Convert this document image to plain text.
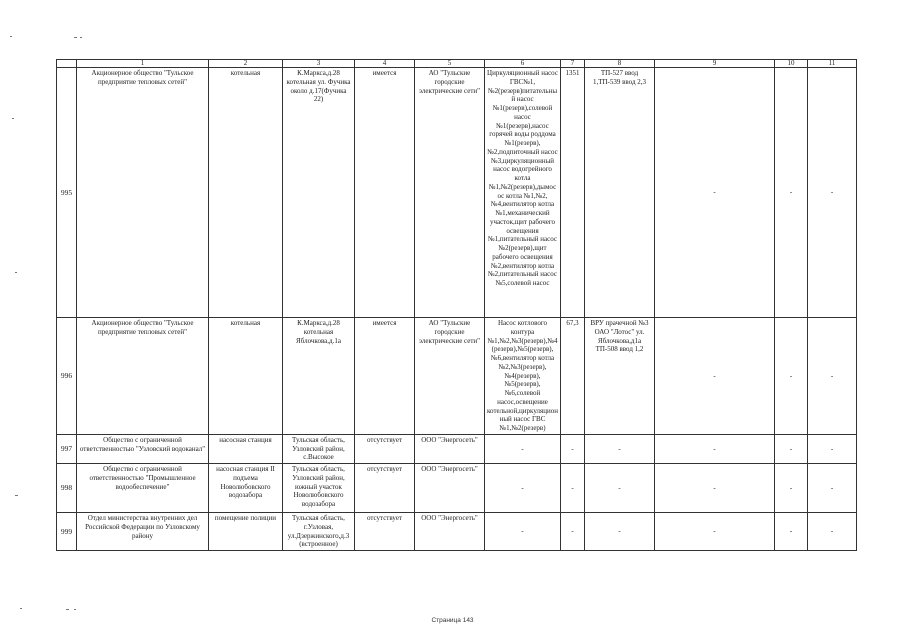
	1	2	3	4	5	6	7	8	9	10	11
995	Акционерное общество "Тульское предприятие тепловых сетей"	котельная	К.Маркса,д.28 котельная ул. Фучика около д.17(Фучика 22)	имеется	АО "Тульские городские электрические сети"	Циркуляционный насос ГВС№1, №2(резерв)питательный насос №1(резерв),солевой насос №1(резерв),насос горячей воды роддома №1(резерв),№2,подпиточный насос №3,циркуляционный насос водогрейного котла №1,№2(резерв),дымосос котла №1,№2, №4,вентилятор котла №1,механический участок,щит рабочего освещения №1,питательный насос №2(резерв),щит рабочего освещения №2,вентилятор котла №2,питательный насос №5,солевой насос	1351	ТП-527 ввод 1,ТП-539 ввод 2,3	-	-	-
996	Акционерное общество "Тульское предприятие тепловых сетей"	котельная	К.Маркса,д.28 котельная Яблочкова,д.1а	имеется	АО "Тульские городские электрические сети"	Насос котлового контура №1,№2,№3(резерв),№4 (резерв),№5(резерв),№6,вентилятор котла №2,№3(резерв),№4(резерв),№5(резерв),№6,солевой насос,освещение котельной,циркуляционный насос ГВС №1,№2(резерв)	67,3	ВРУ прачечной №3 ОАО "Лотос" ул. Яблочкова,д1а ТП-508 ввод 1,2	-	-	-
997	Общество с ограниченной ответственностью "Узловский водоканал"	насосная станция	Тульская область, Узловский район, с.Высокое	отсутствует	ООО "Энергосеть"	-	-	-	-	-	-
998	Общество с ограниченной ответственностью "Промышленное водообеспечение"	насосная станция II подъема Новолюбовского водозабора	Тульская область, Узловский район, южный участок Новолюбовского водозабора	отсутствует	ООО "Энергосеть"	-	-	-	-	-	-
999	Отдел министерства внутренних дел Российской Федерации по Узловскому району	помещение полиции	Тульская область, г.Узловая, ул.Дзержинского,д.3 (встроенное)	отсутствует	ООО "Энергосеть"	-	-	-	-	-	-
Страница 143
